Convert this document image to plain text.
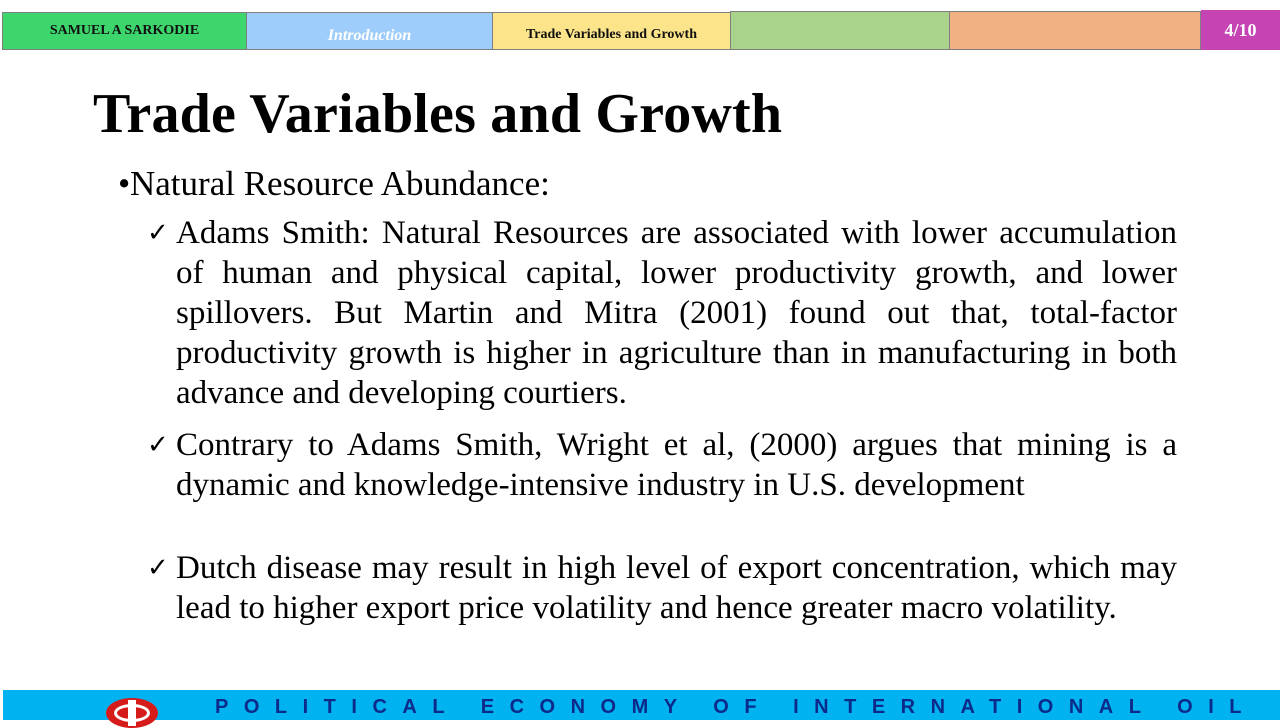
SAMUEL A SARKODIE	Introduction	Trade Variables and Growth	4/10
Trade Variables and Growth
• Natural Resource Abundance:
✓ Adams Smith: Natural Resources are associated with lower accumulation of human and physical capital, lower productivity growth, and lower spillovers. But Martin and Mitra (2001) found out that, total-factor productivity growth is higher in agriculture than in manufacturing in both advance and developing courtiers.
✓ Contrary to Adams Smith, Wright et al, (2000) argues that mining is a dynamic and knowledge-intensive industry in U.S. development
✓ Dutch disease may result in high level of export concentration, which may lead to higher export price volatility and hence greater macro volatility.
POLITICAL ECONOMY OF INTERNATIONAL OIL
